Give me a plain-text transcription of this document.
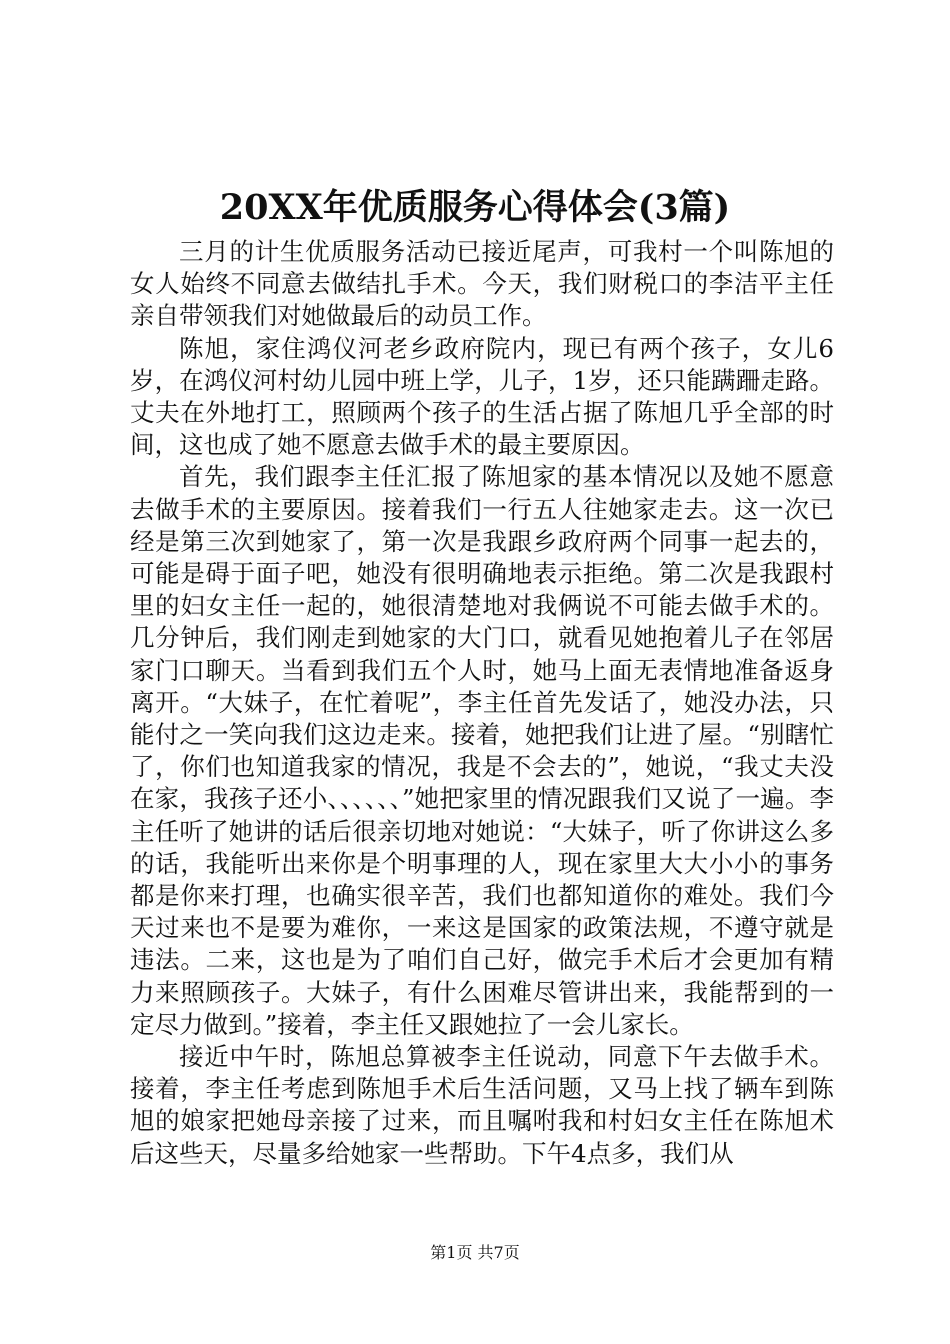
20XX年优质服务心得体会(3篇)

三月的计生优质服务活动已接近尾声，可我村一个叫陈旭的女人始终不同意去做结扎手术。今天，我们财税口的李洁平主任亲自带领我们对她做最后的动员工作。

陈旭，家住鸿仪河老乡政府院内，现已有两个孩子，女儿6岁，在鸿仪河村幼儿园中班上学，儿子，1岁，还只能蹒跚走路。丈夫在外地打工，照顾两个孩子的生活占据了陈旭几乎全部的时间，这也成了她不愿意去做手术的最主要原因。

首先，我们跟李主任汇报了陈旭家的基本情况以及她不愿意去做手术的主要原因。接着我们一行五人往她家走去。这一次已经是第三次到她家了，第一次是我跟乡政府两个同事一起去的，可能是碍于面子吧，她没有很明确地表示拒绝。第二次是我跟村里的妇女主任一起的，她很清楚地对我俩说不可能去做手术的。几分钟后，我们刚走到她家的大门口，就看见她抱着儿子在邻居家门口聊天。当看到我们五个人时，她马上面无表情地准备返身离开。“大妹子，在忙着呢”，李主任首先发话了，她没办法，只能付之一笑向我们这边走来。接着，她把我们让进了屋。“别瞎忙了，你们也知道我家的情况，我是不会去的”，她说，“我丈夫没在家，我孩子还小、、、、、、”她把家里的情况跟我们又说了一遍。李主任听了她讲的话后很亲切地对她说：“大妹子，听了你讲这么多的话，我能听出来你是个明事理的人，现在家里大大小小的事务都是你来打理，也确实很辛苦，我们也都知道你的难处。我们今天过来也不是要为难你，一来这是国家的政策法规，不遵守就是违法。二来，这也是为了咱们自己好，做完手术后才会更加有精力来照顾孩子。大妹子，有什么困难尽管讲出来，我能帮到的一定尽力做到。”接着，李主任又跟她拉了一会儿家长。

接近中午时，陈旭总算被李主任说动，同意下午去做手术。接着，李主任考虑到陈旭手术后生活问题，又马上找了辆车到陈旭的娘家把她母亲接了过来，而且嘱咐我和村妇女主任在陈旭术后这些天，尽量多给她家一些帮助。下午4点多，我们从

第1页 共7页
